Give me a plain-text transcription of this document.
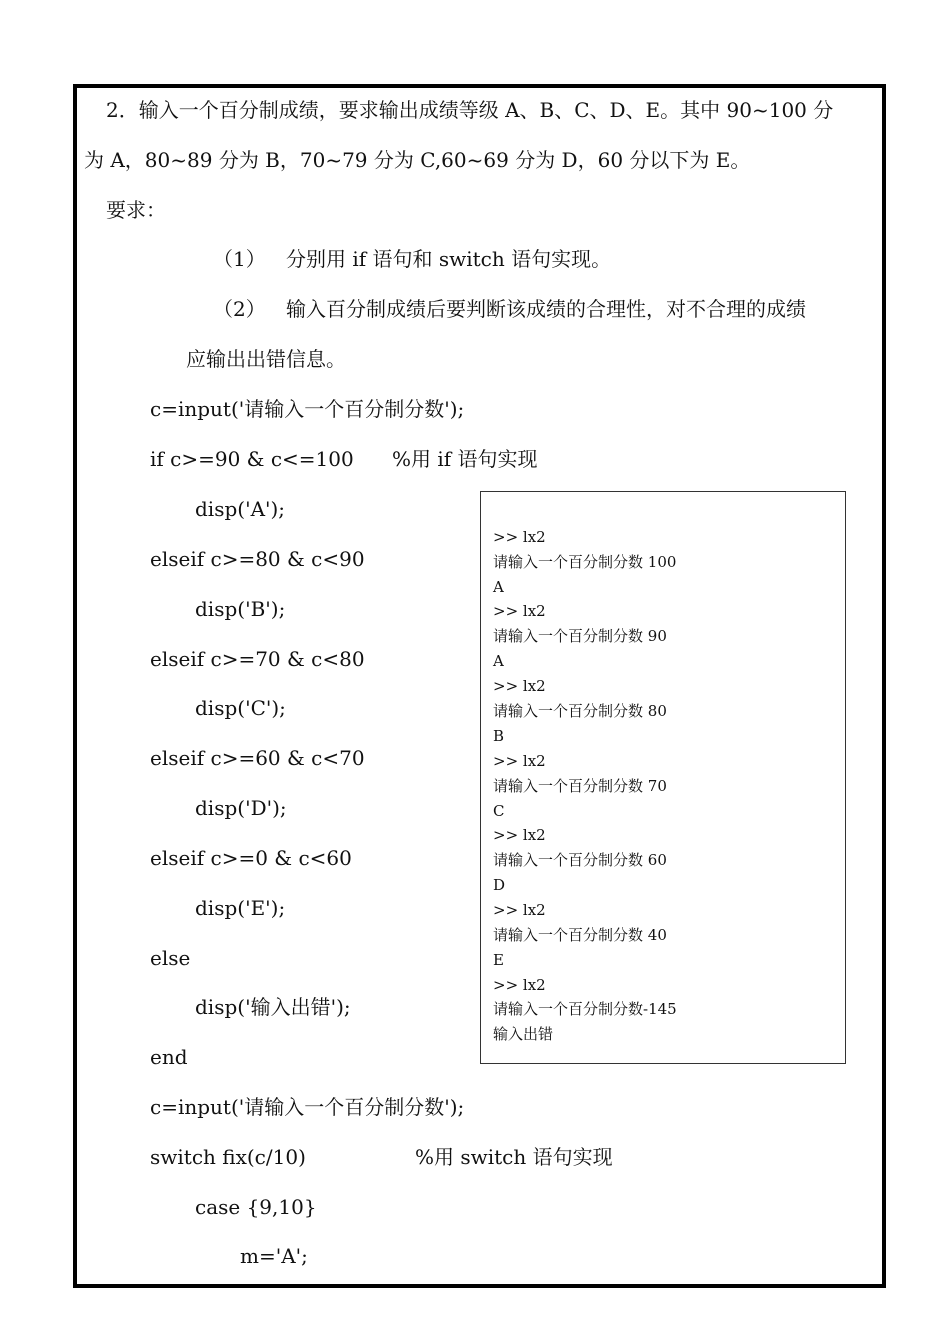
2．输入一个百分制成绩，要求输出成绩等级 A、B、C、D、E。其中 90~100 分
为 A，80~89 分为 B，70~79 分为 C,60~69 分为 D，60 分以下为 E。
要求：
（1） 分别用 if 语句和 switch 语句实现。
（2） 输入百分制成绩后要判断该成绩的合理性，对不合理的成绩
应输出出错信息。
c=input('请输入一个百分制分数');
if c>=90 & c<=100 %用 if 语句实现
disp('A');
elseif c>=80 & c<90
disp('B');
elseif c>=70 & c<80
disp('C');
elseif c>=60 & c<70
disp('D');
elseif c>=0 & c<60
disp('E');
else
disp('输入出错');
end
c=input('请输入一个百分制分数');
switch fix(c/10)	%用 switch 语句实现
case {9,10}
m='A';
>> lx2
请输入一个百分制分数 100
A
>> lx2
请输入一个百分制分数 90
A
>> lx2
请输入一个百分制分数 80
B
>> lx2
请输入一个百分制分数 70
C
>> lx2
请输入一个百分制分数 60
D
>> lx2
请输入一个百分制分数 40
E
>> lx2
请输入一个百分制分数-145
输入出错
